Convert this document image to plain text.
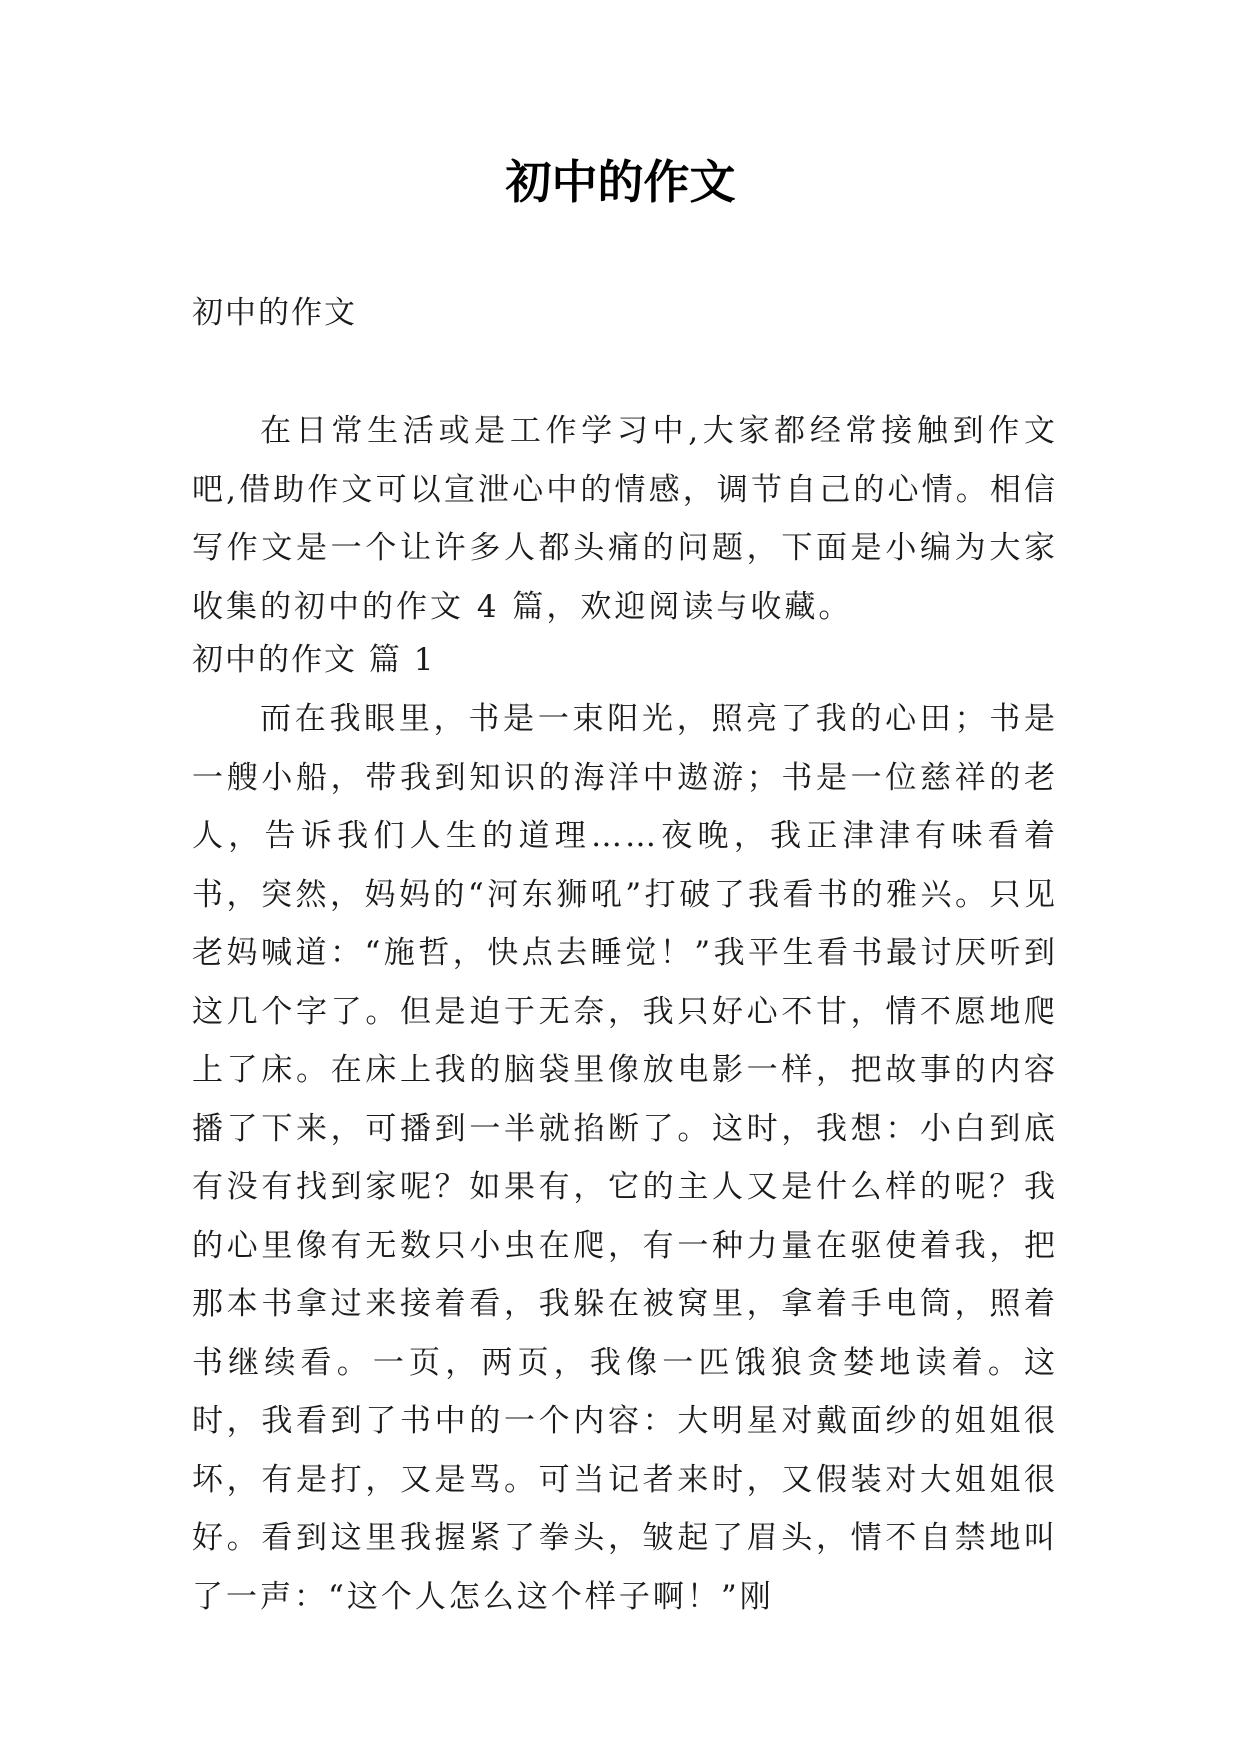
初中的作文

初中的作文

在日常生活或是工作学习中,大家都经常接触到作文吧,借助作文可以宣泄心中的情感，调节自己的心情。相信写作文是一个让许多人都头痛的问题，下面是小编为大家收集的初中的作文 4 篇，欢迎阅读与收藏。

初中的作文 篇 1

而在我眼里，书是一束阳光，照亮了我的心田；书是一艘小船，带我到知识的海洋中遨游；书是一位慈祥的老人，告诉我们人生的道理……夜晚，我正津津有味看着书，突然，妈妈的“河东狮吼”打破了我看书的雅兴。只见老妈喊道：“施哲，快点去睡觉！”我平生看书最讨厌听到这几个字了。但是迫于无奈，我只好心不甘，情不愿地爬上了床。在床上我的脑袋里像放电影一样，把故事的内容播了下来，可播到一半就掐断了。这时，我想：小白到底有没有找到家呢？如果有，它的主人又是什么样的呢？我的心里像有无数只小虫在爬，有一种力量在驱使着我，把那本书拿过来接着看，我躲在被窝里，拿着手电筒，照着书继续看。一页，两页，我像一匹饿狼贪婪地读着。这时，我看到了书中的一个内容：大明星对戴面纱的姐姐很坏，有是打，又是骂。可当记者来时，又假装对大姐姐很好。看到这里我握紧了拳头，皱起了眉头，情不自禁地叫了一声：“这个人怎么这个样子啊！”刚
